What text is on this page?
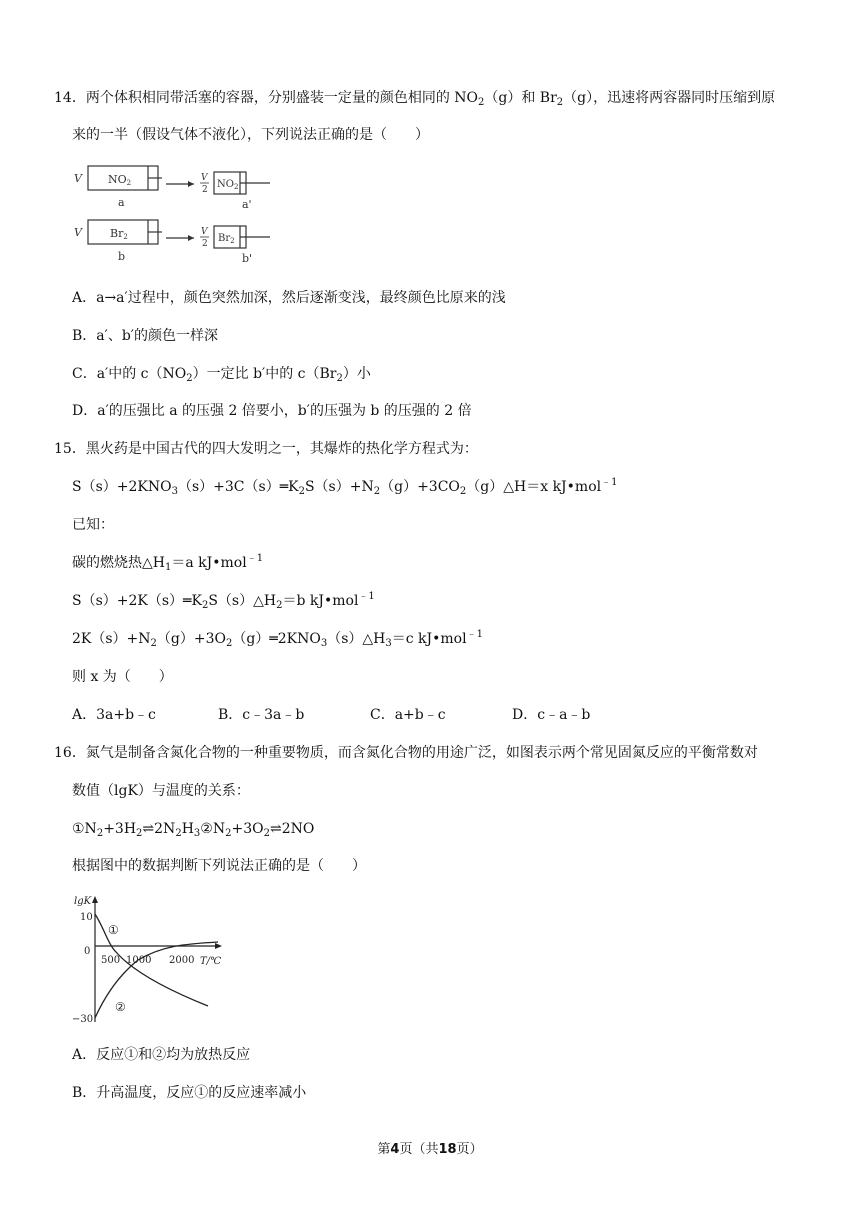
14．两个体积相同带活塞的容器，分别盛装一定量的颜色相同的 $NO_2(g)$和 $Br_2(g)$，迅速将两容器同时压缩到原
来的一半（假设气体不液化），下列说法正确的是（　　）
V NO2
a
V
2 $NO_2$
a'
V	Br2
b
V
2 $Br_2$
b'
A．a→a′过程中，颜色突然加深，然后逐渐变浅，最终颜色比原来的浅
B．a′、b′的颜色一样深
C．a′中的 $c(NO_2)$一定比 b′中的 $c(Br_2)$小
D．a′的压强比 a 的压强 2 倍要小，b′的压强为 b 的压强的 2 倍
15．黑火药是中国古代的四大发明之一，其爆炸的热化学方程式为：
$S(s)+2KNO_3(s)+3C(s)═K_2S(s)+N_2(g)+3CO_2(g)\triangle H=x$ kJ•mol$^{﹣1}$
已知：
碳的燃烧热$\triangle H_1=a$ kJ•mol$^{﹣1}$
$S(s)+2K(s)═K_2S(s)\triangle H_2=b$ kJ•mol$^{﹣1}$
$2K(s)+N_2(g)+3O_2(g)═2KNO_3(s)\triangle H_3=c$ kJ•mol$^{﹣1}$
则 x 为（　　）
A．3a+b﹣c	B．c﹣3a﹣b	C．a+b﹣c	D．c﹣a﹣b
16．氮气是制备含氮化合物的一种重要物质，而含氮化合物的用途广泛，如图表示两个常见固氮反应的平衡常数对
数值（lgK）与温度的关系：
$①N_2+3H_2\rightleftharpoons 2N_2H_3②N_2+3O_2\rightleftharpoons 2NO$
根据图中的数据判断下列说法正确的是（　　）
lgK
10
0
−30
500 1000 2000 T/℃
①
②
A．反应①和②均为放热反应
B．升高温度，反应①的反应速率减小
第4页（共18页）
